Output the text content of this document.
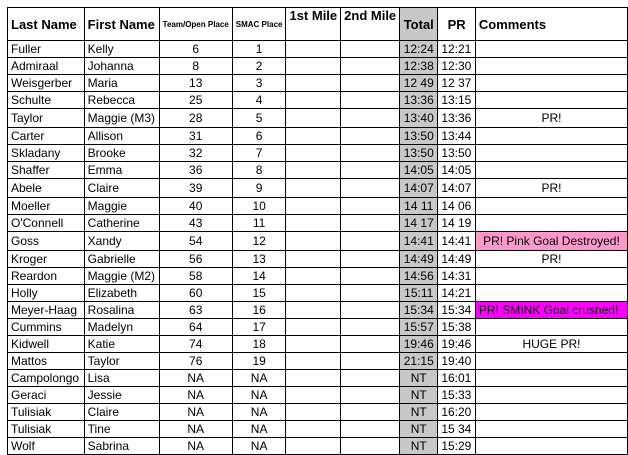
Last Name	First Name	Team/Open Place	SMAC Place	1st Mile	2nd Mile	Total	PR	Comments
Fuller	Kelly	6	1			12:24	12:21	
Admiraal	Johanna	8	2			12:38	12:30	
Weisgerber	Maria	13	3			12 49	12 37	
Schulte	Rebecca	25	4			13:36	13:15	
Taylor	Maggie (M3)	28	5			13:40	13:36	PR!
Carter	Allison	31	6			13:50	13:44	
Skladany	Brooke	32	7			13:50	13:50	
Shaffer	Emma	36	8			14:05	14:05	
Abele	Claire	39	9			14:07	14:07	PR!
Moeller	Maggie	40	10			14 11	14 06	
O'Connell	Catherine	43	11			14 17	14 19	
Goss	Xandy	54	12			14:41	14:41	PR! Pink Goal Destroyed!
Kroger	Gabrielle	56	13			14:49	14:49	PR!
Reardon	Maggie (M2)	58	14			14:56	14:31	
Holly	Elizabeth	60	15			15:11	14:21	
Meyer-Haag	Rosalina	63	16			15:34	15:34	PR! SMINK Goal crushed!
Cummins	Madelyn	64	17			15:57	15:38	
Kidwell	Katie	74	18			19:46	19:46	HUGE PR!
Mattos	Taylor	76	19			21:15	19:40	
Campolongo	Lisa	NA	NA			NT	16:01	
Geraci	Jessie	NA	NA			NT	15:33	
Tulisiak	Claire	NA	NA			NT	16:20	
Tulisiak	Tine	NA	NA			NT	15 34	
Wolf	Sabrina	NA	NA			NT	15:29	
